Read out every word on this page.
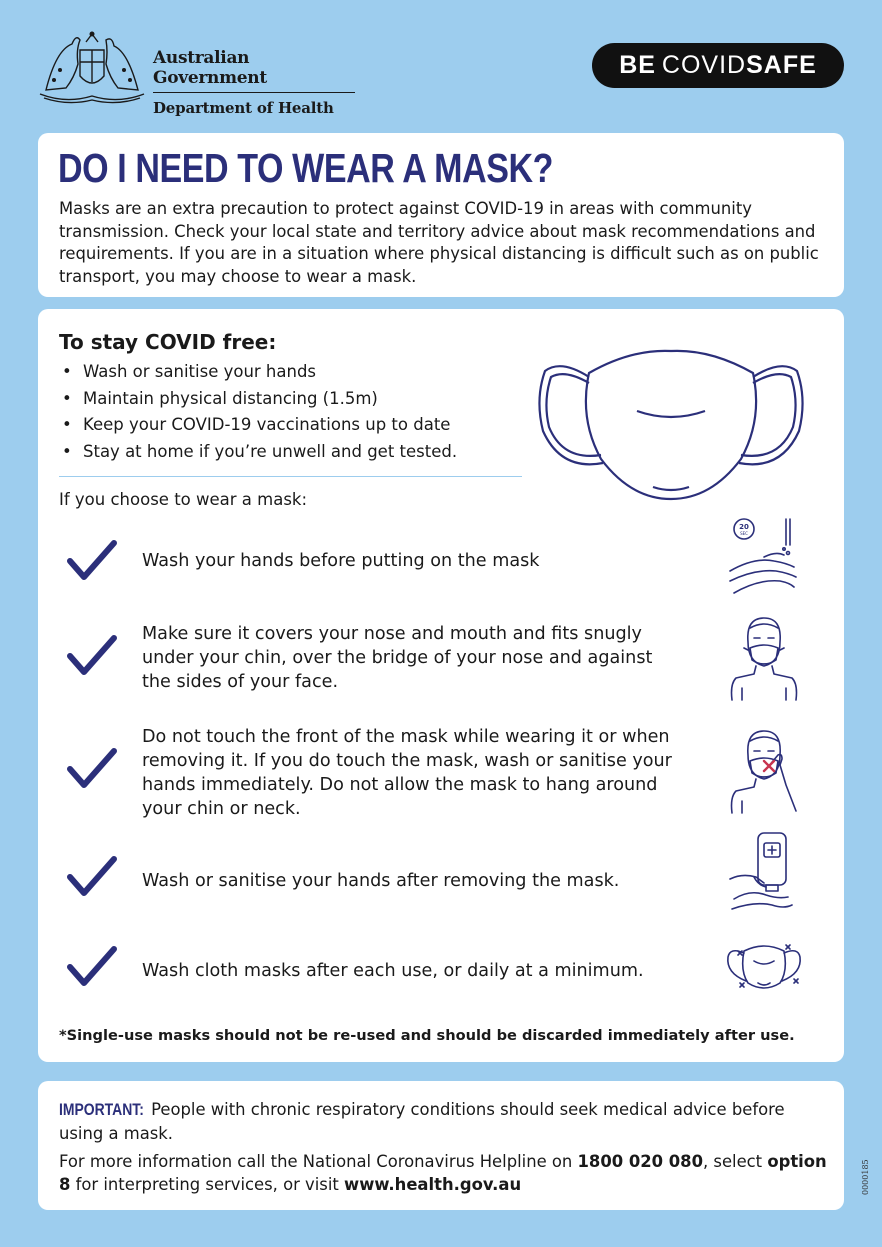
Australian Government
Department of Health
BE COVID SAFE
DO I NEED TO WEAR A MASK?
Masks are an extra precaution to protect against COVID-19 in areas with community transmission. Check your local state and territory advice about mask recommendations and requirements. If you are in a situation where physical distancing is difficult such as on public transport, you may choose to wear a mask.
To stay COVID free:
• Wash or sanitise your hands
• Maintain physical distancing (1.5m)
• Keep your COVID-19 vaccinations up to date
• Stay at home if you’re unwell and get tested.
If you choose to wear a mask:
Wash your hands before putting on the mask
20
SEC
Make sure it covers your nose and mouth and fits snugly under your chin, over the bridge of your nose and against the sides of your face.
Do not touch the front of the mask while wearing it or when removing it. If you do touch the mask, wash or sanitise your hands immediately. Do not allow the mask to hang around your chin or neck.
Wash or sanitise your hands after removing the mask.
Wash cloth masks after each use, or daily at a minimum.
*Single-use masks should not be re-used and should be discarded immediately after use.
IMPORTANT: People with chronic respiratory conditions should seek medical advice before using a mask.
For more information call the National Coronavirus Helpline on 1800 020 080, select option 8 for interpreting services, or visit www.health.gov.au	0000185
